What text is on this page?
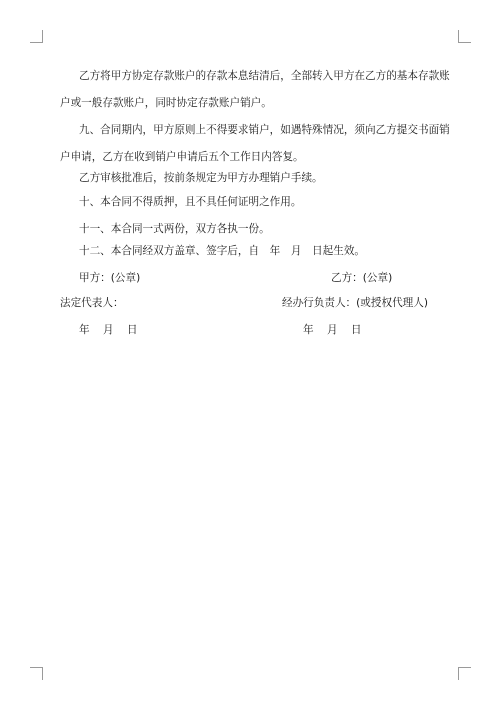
乙方将甲方协定存款账户的存款本息结清后，全部转入甲方在乙方的基本存款账
户或一般存款账户，同时协定存款账户销户。
九、合同期内，甲方原则上不得要求销户，如遇特殊情况，须向乙方提交书面销
户申请，乙方在收到销户申请后五个工作日内答复。
乙方审核批准后，按前条规定为甲方办理销户手续。
十、本合同不得质押，且不具任何证明之作用。
十一、本合同一式两份，双方各执一份。
十二、本合同经双方盖章、签字后，自　年　月　日起生效。
甲方：(公章)	乙方：(公章)
法定代表人：	经办行负责人：(或授权代理人)
年 月 日	年 月 日
